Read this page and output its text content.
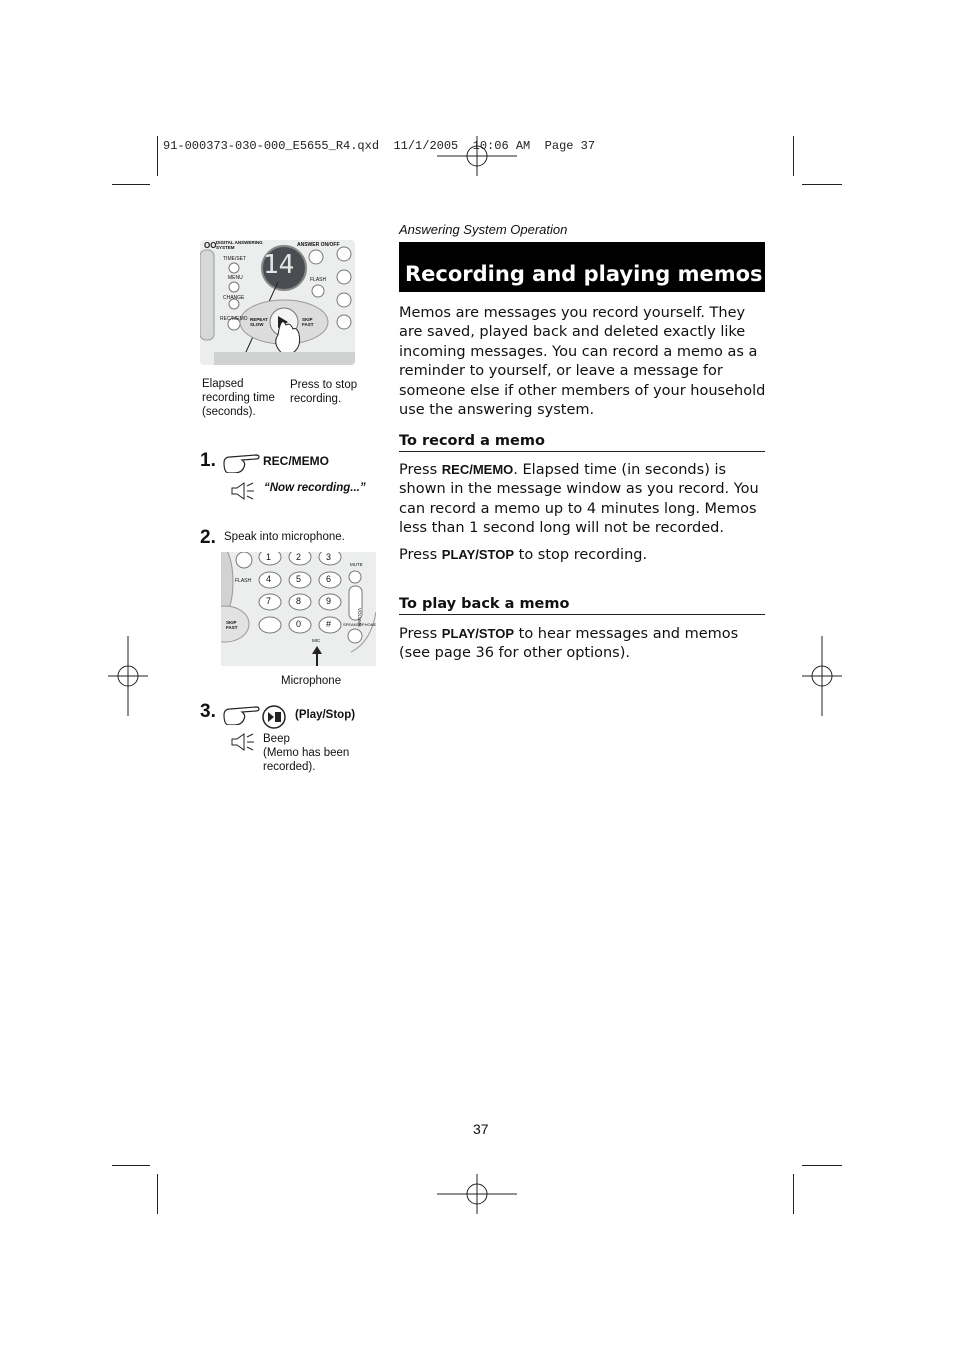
91-000373-030-000_E5655_R4.qxd  11/1/2005  10:06 AM  Page 37
Answering System Operation
Recording and playing memos
Memos are messages you record yourself. They are saved, played back and deleted exactly like incoming messages. You can record a memo as a reminder to yourself, or leave a message for someone else if other members of your household use the answering system.
To record a memo
Press REC/MEMO. Elapsed time (in seconds) is shown in the message window as you record. You can record a memo up to 4 minutes long. Memos less than 1 second long will not be recorded.
Press PLAY/STOP to stop recording.
To play back a memo
Press PLAY/STOP to hear messages and memos (see page 36 for other options).
OO
14
DIGITAL ANSWERING SYSTEM	ANSWER ON/OFF
TIME/SET
MENU
CHANGE
REC/MEMO
FLASH
REPEAT SLOW
SKIP FAST
Elapsed recording time (seconds).
Press to stop recording.
1.	REC/MEMO
“Now recording...”
2. Speak into microphone.
FLASH
SKIP FAST
MUTE
VOLUME
SPEAKERPHONE
MIC
1	2	3
4	5	6
7	8	9
0	#
Microphone
3.	(Play/Stop)
Beep
(Memo has been recorded).
37
